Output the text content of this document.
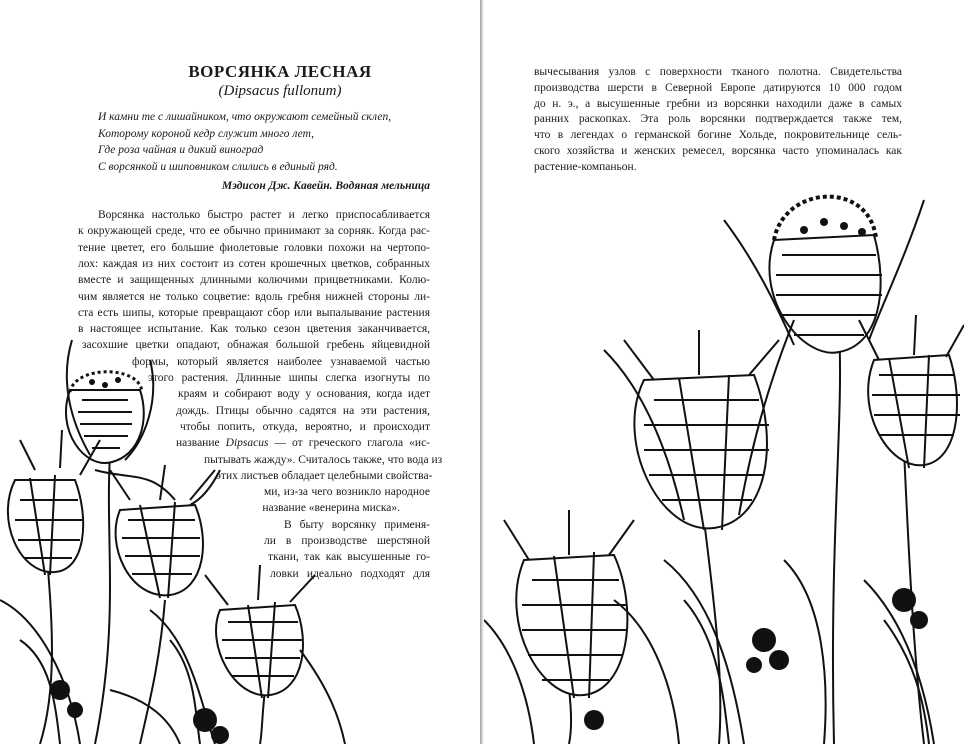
ВОРСЯНКА ЛЕСНАЯ
(Dipsacus fullonum)
И камни те с лишайником, что окружают семейный склеп,
Которому короной кедр служит много лет,
Где роза чайная и дикий виноград
С ворсянкой и шиповником слились в единый ряд.

Мэдисон Дж. Кавейн. Водяная мельница

Ворсянка настолько быстро растет и легко приспосабливается
к окружающей среде, что ее обычно принимают за сорняк. Когда рас-
тение цветет, его большие фиолетовые головки похожи на чертопо-
лох: каждая из них состоит из сотен крошечных цветков, собранных
вместе и защищенных длинными колючими прицветниками. Колю-
чим является не только соцветие: вдоль гребня нижней стороны ли-
ста есть шипы, которые превращают сбор или выпалывание растения
в настоящее испытание. Как только сезон цветения заканчивается,
засохшие цветки опадают, обнажая большой гребень яйцевидной
формы, который является наиболее узнаваемой частью
этого растения. Длинные шипы слегка изогнуты по
краям и собирают воду у основания, когда идет
дождь. Птицы обычно садятся на эти растения,
чтобы попить, откуда, вероятно, и происходит
название Dipsacus — от греческого глагола «ис-
пытывать жажду». Считалось также, что вода из
этих листьев обладает целебными свойства-
ми, из-за чего возникло народное
название «венерина миска».
В быту ворсянку применя-
ли в производстве шерстяной
ткани, так как высушенные го-
ловки идеально подходят для
вычесывания узлов с поверхности тканого полотна. Свидетельства
производства шерсти в Северной Европе датируются 10 000 годом
до н. э., а высушенные гребни из ворсянки находили даже в самых
ранних раскопках. Эта роль ворсянки подтверждается также тем,
что в легендах о германской богине Хольде, покровительнице сель-
ского хозяйства и женских ремесел, ворсянка часто упоминалась как
растение-компаньон.
